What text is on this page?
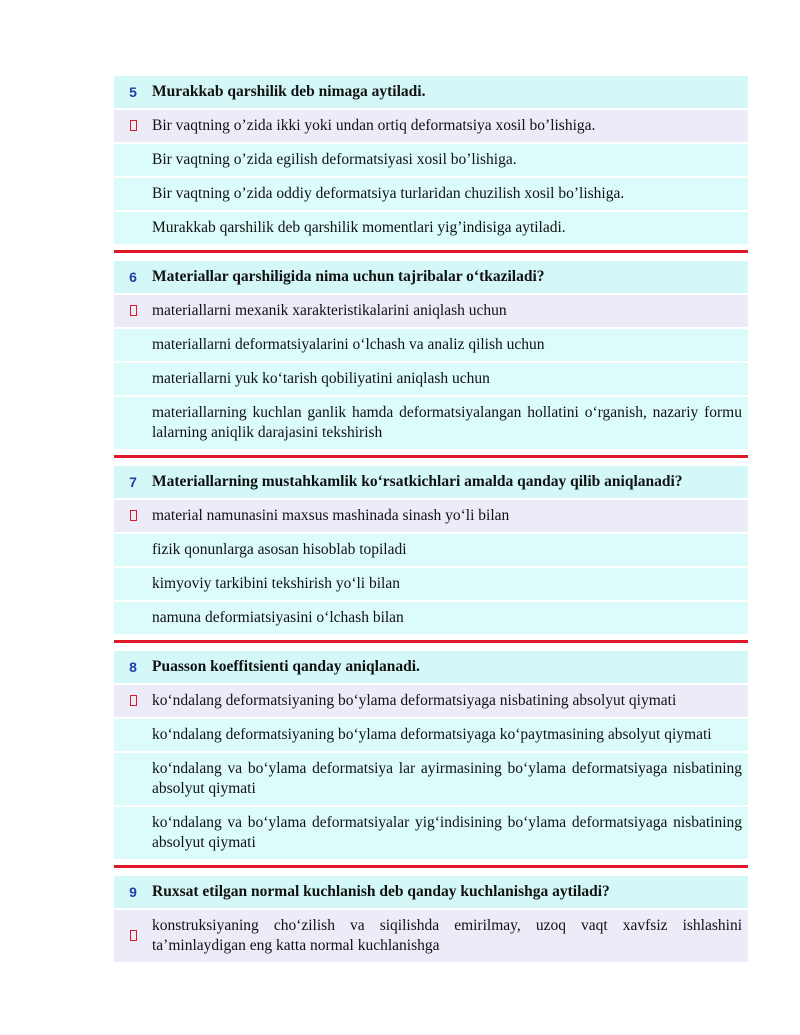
5 Murakkab qarshilik deb nimaga aytiladi.
Bir vaqtning o’zida ikki yoki undan ortiq deformatsiya xosil bo’lishiga.
Bir vaqtning o’zida egilish deformatsiyasi xosil bo’lishiga.
Bir vaqtning o’zida oddiy deformatsiya turlaridan chuzilish xosil bo’lishiga.
Murakkab qarshilik deb qarshilik momentlari yig’indisiga aytiladi.
6 Materiallar qarshiligida nima uchun tajribalar o‘tkaziladi?
materiallarni mexanik xarakteristikalarini aniqlash uchun
materiallarni deformatsiyalarini o‘lchash va analiz qilish uchun
materiallarni yuk ko‘tarish qobiliyatini aniqlash uchun
materiallarning kuchlan ganlik hamda deformatsiyalangan hollatini o‘rganish, nazariy formu lalarning aniqlik darajasini tekshirish
7 Materiallarning mustahkamlik ko‘rsatkichlari amalda qanday qilib aniqlanadi?
material namunasini maxsus mashinada sinash yo‘li bilan
fizik qonunlarga asosan hisoblab topiladi
kimyoviy tarkibini tekshirish yo‘li bilan
namuna deformiatsiyasini o‘lchash bilan
8 Puasson koeffitsienti qanday aniqlanadi.
ko‘ndalang deformatsiyaning bo‘ylama deformatsiyaga nisbatining absolyut qiymati
ko‘ndalang deformatsiyaning bo‘ylama deformatsiyaga ko‘paytmasining absolyut qiymati
ko‘ndalang va bo‘ylama deformatsiya lar ayirmasining bo‘ylama deformatsiyaga nisbatining absolyut qiymati
ko‘ndalang va bo‘ylama deformatsiyalar yig‘indisining bo‘ylama deformatsiyaga nisbatining absolyut qiymati
9 Ruxsat etilgan normal kuchlanish deb qanday kuchlanishga aytiladi?
konstruksiyaning cho‘zilish va siqilishda emirilmay, uzoq vaqt xavfsiz ishlashini ta’minlaydigan eng katta normal kuchlanishga
